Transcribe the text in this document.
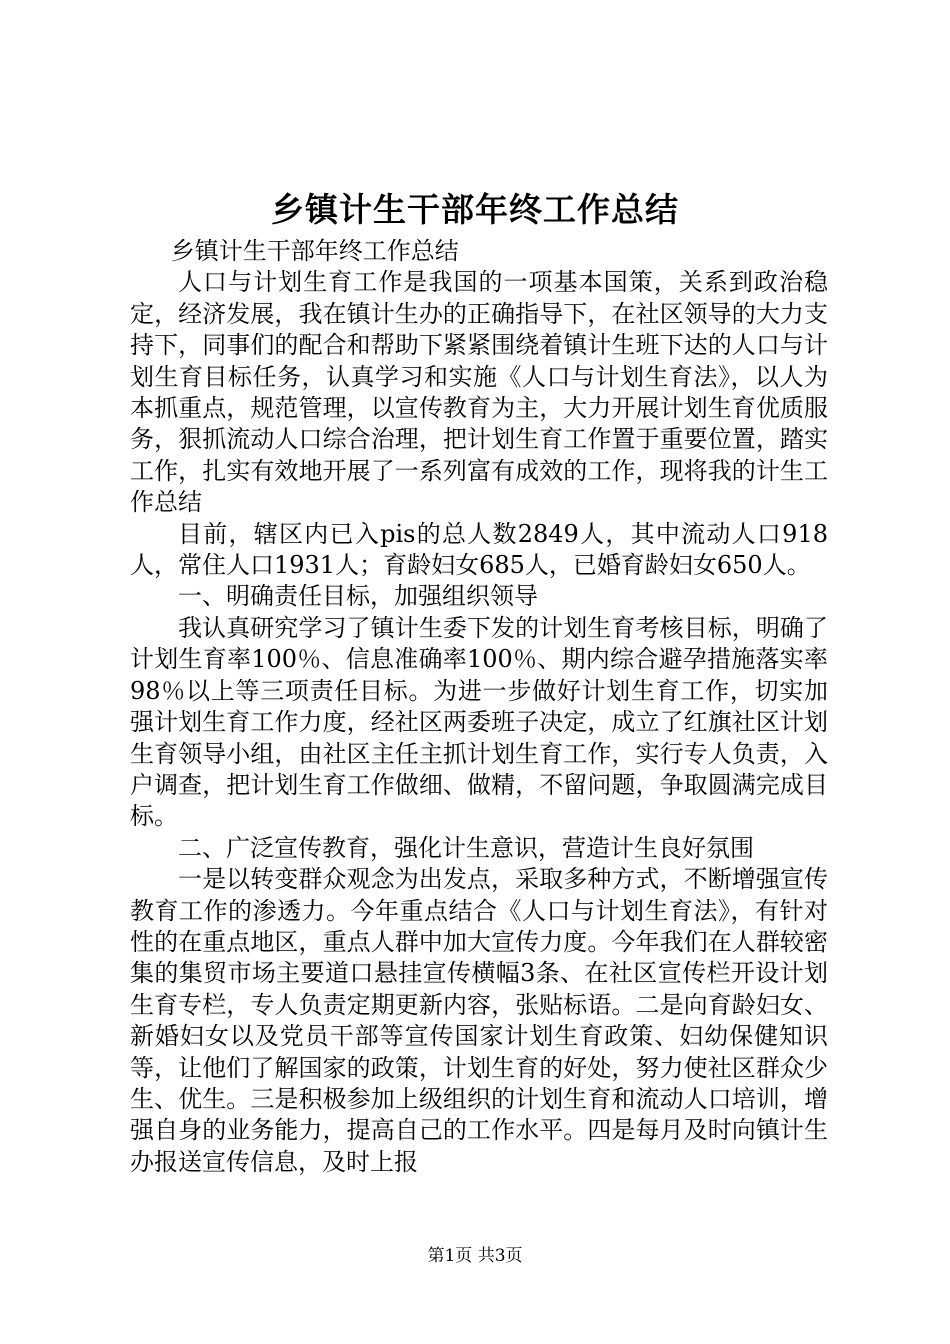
乡镇计生干部年终工作总结

乡镇计生干部年终工作总结

人口与计划生育工作是我国的一项基本国策，关系到政治稳定，经济发展，我在镇计生办的正确指导下，在社区领导的大力支持下，同事们的配合和帮助下紧紧围绕着镇计生班下达的人口与计划生育目标任务，认真学习和实施《人口与计划生育法》，以人为本抓重点，规范管理，以宣传教育为主，大力开展计划生育优质服务，狠抓流动人口综合治理，把计划生育工作置于重要位置，踏实工作，扎实有效地开展了一系列富有成效的工作，现将我的计生工作总结

目前，辖区内已入pis的总人数2849人，其中流动人口918人，常住人口1931人；育龄妇女685人，已婚育龄妇女650人。

一、明确责任目标，加强组织领导

我认真研究学习了镇计生委下发的计划生育考核目标，明确了计划生育率100％、信息准确率100％、期内综合避孕措施落实率98％以上等三项责任目标。为进一步做好计划生育工作，切实加强计划生育工作力度，经社区两委班子决定，成立了红旗社区计划生育领导小组，由社区主任主抓计划生育工作，实行专人负责，入户调查，把计划生育工作做细、做精，不留问题，争取圆满完成目标。

二、广泛宣传教育，强化计生意识，营造计生良好氛围

一是以转变群众观念为出发点，采取多种方式，不断增强宣传教育工作的渗透力。今年重点结合《人口与计划生育法》，有针对性的在重点地区，重点人群中加大宣传力度。今年我们在人群较密集的集贸市场主要道口悬挂宣传横幅3条、在社区宣传栏开设计划生育专栏，专人负责定期更新内容，张贴标语。二是向育龄妇女、新婚妇女以及党员干部等宣传国家计划生育政策、妇幼保健知识等，让他们了解国家的政策，计划生育的好处，努力使社区群众少生、优生。三是积极参加上级组织的计划生育和流动人口培训，增强自身的业务能力，提高自己的工作水平。四是每月及时向镇计生办报送宣传信息，及时上报

第1页 共3页
